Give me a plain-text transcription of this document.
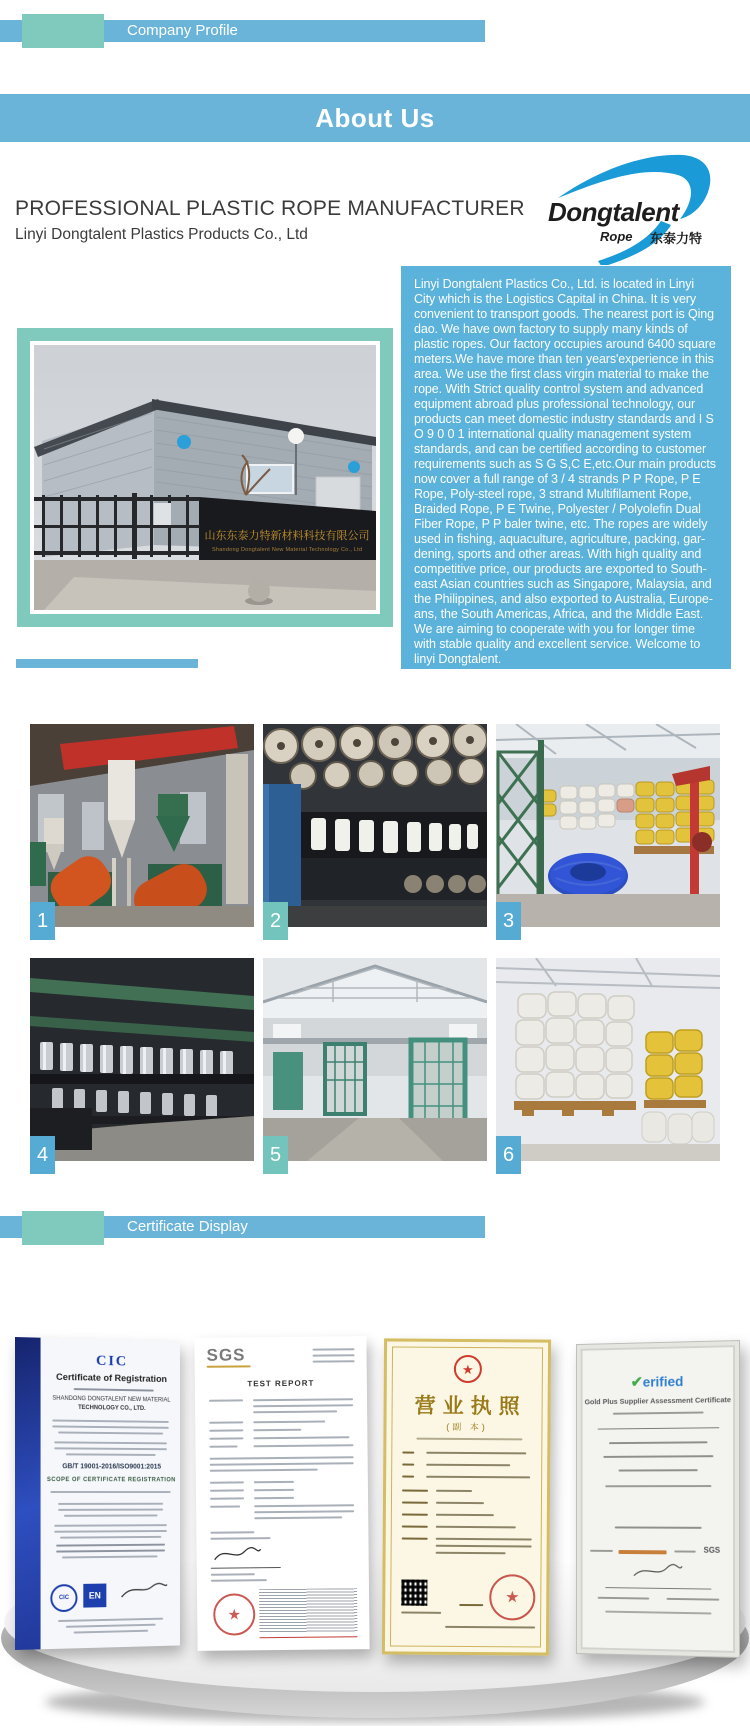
Company Profile
About Us
PROFESSIONAL PLASTIC ROPE MANUFACTURER
Linyi Dongtalent Plastics Products Co., Ltd
Dongtalent
Rope 东泰力特
山东东泰力特新材料科技有限公司
Shandong Dongtalent New Material Technology Co., Ltd
Linyi Dongtalent Plastics Co., Ltd. is located in Linyi City which is the Logistics Capital in China. It is very convenient to transport goods. The nearest port is Qing dao. We have own factory to supply many kinds of plastic ropes. Our factory occupies around 6400 square meters.We have more than ten years'experience in this area. We use the first class virgin material to make the rope. With Strict quality control system and advanced equipment abroad plus professional technology, our products can meet domestic industry standards and I S O 9 0 0 1 international quality management system standards, and can be certified according to customer requirements such as S G S,C E,etc.Our main products now cover a full range of 3 / 4 strands P P Rope, P E Rope, Poly-steel rope, 3 strand Multifilament Rope, Braided Rope, P E Twine, Polyester / Polyolefin Dual Fiber Rope, P P baler twine, etc. The ropes are widely used in fishing, aquaculture, agriculture, packing, gar-dening, sports and other areas. With high quality and competitive price, our products are exported to South-east Asian countries such as Singapore, Malaysia, and the Philippines, and also exported to Australia, Europe-ans, the South Americas, Africa, and the Middle East. We are aiming to cooperate with you for longer time with stable quality and excellent service. Welcome to linyi Dongtalent.
1	2	3
4	5	6
Certificate Display
CIC
Certificate of Registration
SHANDONG DONGTALENT NEW MATERIAL
TECHNOLOGY CO., LTD.
GB/T 19001-2016/ISO9001:2015
SCOPE OF CERTIFICATE REGISTRATION
CIC	EN
SGS
TEST REPORT
★
★
营业执照
(副 本)
★
✔erified
Gold Plus Supplier Assessment Certificate
SGS
